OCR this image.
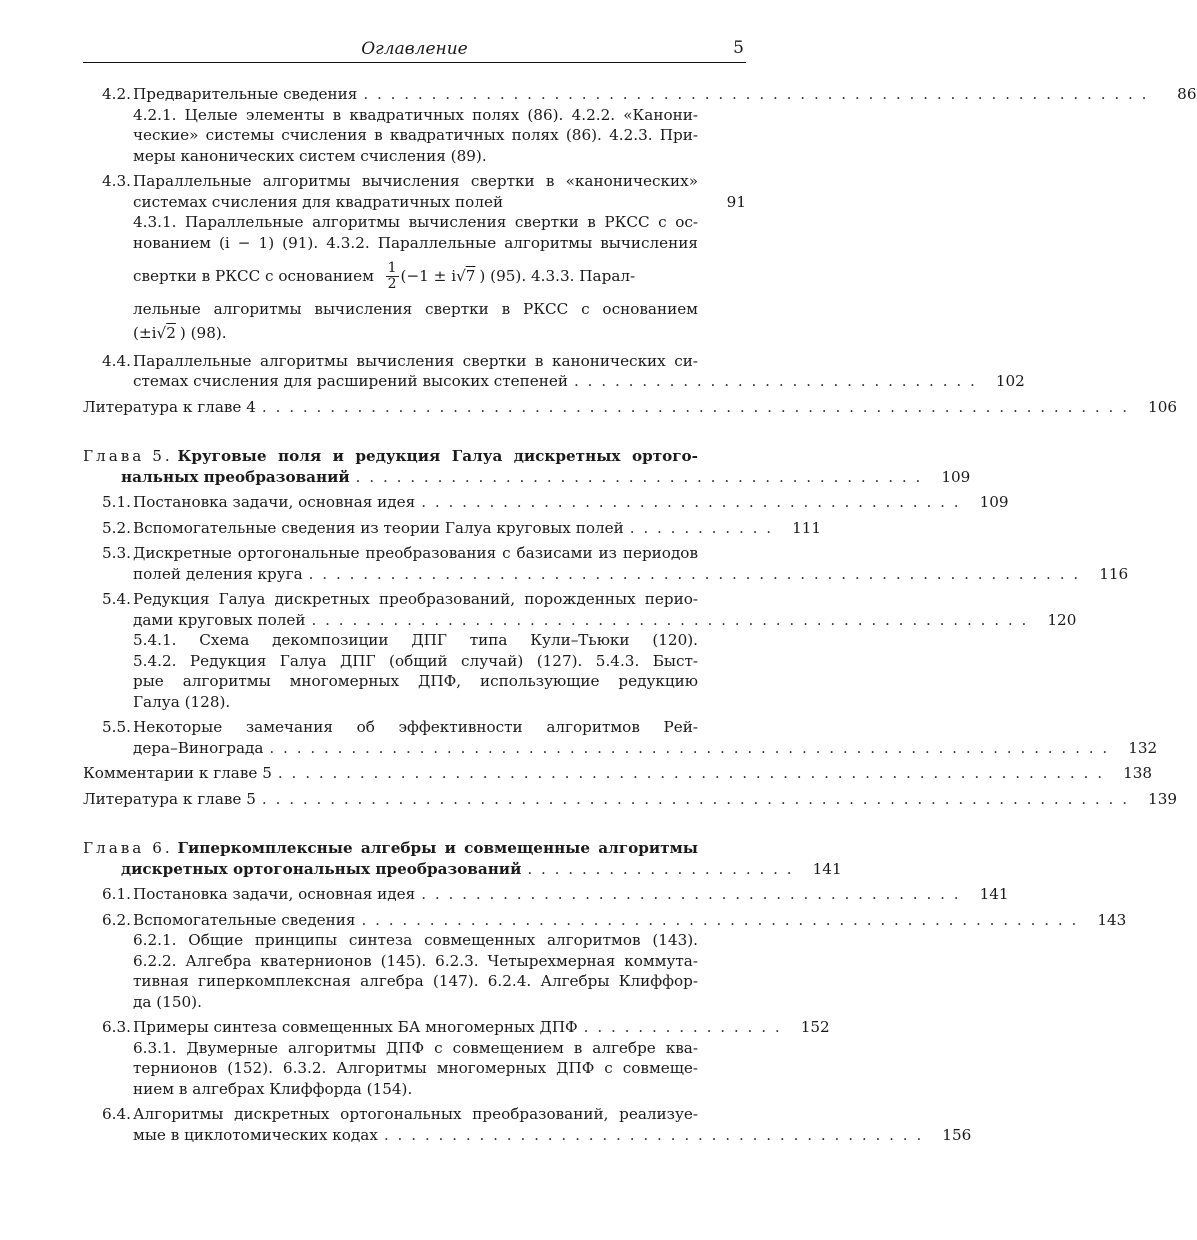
Оглавление	5
4.2. Предварительные сведения . . . . . . . . . . . . . . . . . . . . . . . . . . . . . . . . . . . . . . . . . . . . . . . . . . . . . . . . . .	86
4.2.1. Целые элементы в квадратичных полях (86). 4.2.2. «Канони-
ческие» системы счисления в квадратичных полях (86). 4.2.3. При-
меры канонических систем счисления (89).
4.3. Параллельные алгоритмы вычисления свертки в «канонических»
системах счисления для квадратичных полей .	91
4.3.1. Параллельные алгоритмы вычисления свертки в РКСС с ос-
нованием (i − 1) (91). 4.3.2. Параллельные алгоритмы вычисления
свертки в РКСС с основанием
$\frac{1}{2} (-1 \pm i√$ 7 ) (95). 4.3.3. Парал-
лельные алгоритмы вычисления свертки в РКСС с основанием
(±i√2 ) (98).
4.4. Параллельные алгоритмы вычисления свертки в канонических си-
стемах счисления для расширений высоких степеней . . . . . . . . . . . . . . . . . . . . . . . . . . . . . .	102
Литература к главе 4 . . . . . . . . . . . . . . . . . . . . . . . . . . . . . . . . . . . . . . . . . . . . . . . . . . . . . . . . . . . . . . . .	106
Глава 5.
Круговые поля и редукция Галуа дискретных ортого-
нальных преобразований . . . . . . . . . . . . . . . . . . . . . . . . . . . . . . . . . . . . . . . . . .	109
5.1. Постановка задачи, основная идея . . . . . . . . . . . . . . . . . . . . . . . . . . . . . . . . . . . . . . . .	109
5.2. Вспомогательные сведения из теории Галуа круговых полей . . . . . . . . . . .	111
5.3. Дискретные ортогональные преобразования с базисами из периодов
полей деления круга . . . . . . . . . . . . . . . . . . . . . . . . . . . . . . . . . . . . . . . . . . . . . . . . . . . . . . . . .	116
5.4. Редукция Галуа дискретных преобразований, порожденных перио-
дами круговых полей . . . . . . . . . . . . . . . . . . . . . . . . . . . . . . . . . . . . . . . . . . . . . . . . . . . . .	120
5.4.1. Схема декомпозиции ДПГ типа Кули–Тьюки (120).
5.4.2. Редукция Галуа ДПГ (общий случай) (127). 5.4.3. Быст-
рые алгоритмы многомерных ДПФ, использующие редукцию
Галуа (128).
5.5. Некоторые замечания об эффективности алгоритмов Рей-
дера–Винограда . . . . . . . . . . . . . . . . . . . . . . . . . . . . . . . . . . . . . . . . . . . . . . . . . . . . . . . . . . . . . .	132
Комментарии к главе 5 . . . . . . . . . . . . . . . . . . . . . . . . . . . . . . . . . . . . . . . . . . . . . . . . . . . . . . . . . . . . .	138
Литература к главе 5 . . . . . . . . . . . . . . . . . . . . . . . . . . . . . . . . . . . . . . . . . . . . . . . . . . . . . . . . . . . . . . . .	139
Глава 6.
Гиперкомплексные алгебры и совмещенные алгоритмы
дискретных ортогональных преобразований . . . . . . . . . . . . . . . . . . . .	141
6.1. Постановка задачи, основная идея . . . . . . . . . . . . . . . . . . . . . . . . . . . . . . . . . . . . . . . .	141
6.2. Вспомогательные сведения . . . . . . . . . . . . . . . . . . . . . . . . . . . . . . . . . . . . . . . . . . . . . . . . . . . . .	143
6.2.1. Общие принципы синтеза совмещенных алгоритмов (143).
6.2.2. Алгебра кватернионов (145). 6.2.3. Четырехмерная коммута-
тивная гиперкомплексная алгебра (147). 6.2.4. Алгебры Клиффор-
да (150).
6.3. Примеры синтеза совмещенных БА многомерных ДПФ . . . . . . . . . . . . . . .	152
6.3.1. Двумерные алгоритмы ДПФ с совмещением в алгебре ква-
тернионов (152). 6.3.2. Алгоритмы многомерных ДПФ с совмеще-
нием в алгебрах Клиффорда (154).
6.4. Алгоритмы дискретных ортогональных преобразований, реализуе-
мые в циклотомических кодах . . . . . . . . . . . . . . . . . . . . . . . . . . . . . . . . . . . . . . . .	156
